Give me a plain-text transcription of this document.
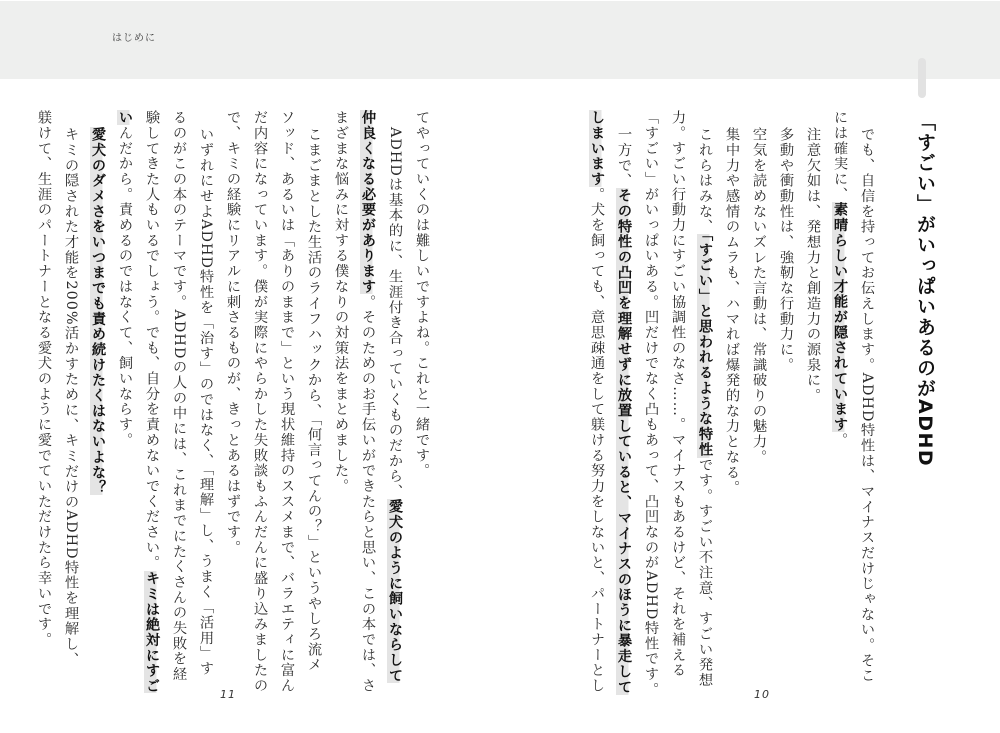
はじめに
「すごい」がいっぱいあるのがADHD
でも、自信を持ってお伝えします。ADHD特性は、マイナスだけじゃない。そこ
には確実に、素晴らしい才能が隠されています。
注意欠如は、発想力と創造力の源泉に。
多動や衝動性は、強靭な行動力に。
空気を読めないズレた言動は、常識破りの魅力。
集中力や感情のムラも、ハマれば爆発的な力となる。
これらはみな、「すごい」と思われるような特性です。すごい不注意、すごい発想
力。すごい行動力にすごい協調性のなさ……。マイナスもあるけど、それを補える
「すごい」がいっぱいある。凹だけでなく凸もあって、凸凹なのがADHD特性です。
一方で、その特性の凸凹を理解せずに放置していると、マイナスのほうに暴走して
しまいます。犬を飼っても、意思疎通をして躾ける努力をしないと、パートナーとし
てやっていくのは難しいですよね。これと一緒です。
ADHDは基本的に、生涯付き合っていくものだから、愛犬のように飼いならして
仲良くなる必要があります。そのためのお手伝いができたらと思い、この本では、さ
まざまな悩みに対する僕なりの対策法をまとめました。
こまごまとした生活のライフハックから、「何言ってんの？」というやしろ流メ
ソッド、あるいは「ありのままで」という現状維持のススメまで、バラエティに富ん
だ内容になっています。僕が実際にやらかした失敗談もふんだんに盛り込みましたの
で、キミの経験にリアルに刺さるものが、きっとあるはずです。
いずれにせよADHD特性を「治す」のではなく、「理解」し、うまく「活用」す
るのがこの本のテーマです。ADHDの人の中には、これまでにたくさんの失敗を経
験してきた人もいるでしょう。でも、自分を責めないでください。キミは絶対にすご
いんだから。責めるのではなくて、飼いならす。
愛犬のダメさをいつまでも責め続けたくはないよな？
キミの隠された才能を200%活かすために、キミだけのADHD特性を理解し、
躾けて、生涯のパートナーとなる愛犬のように愛でていただけたら幸いです。
11	10
